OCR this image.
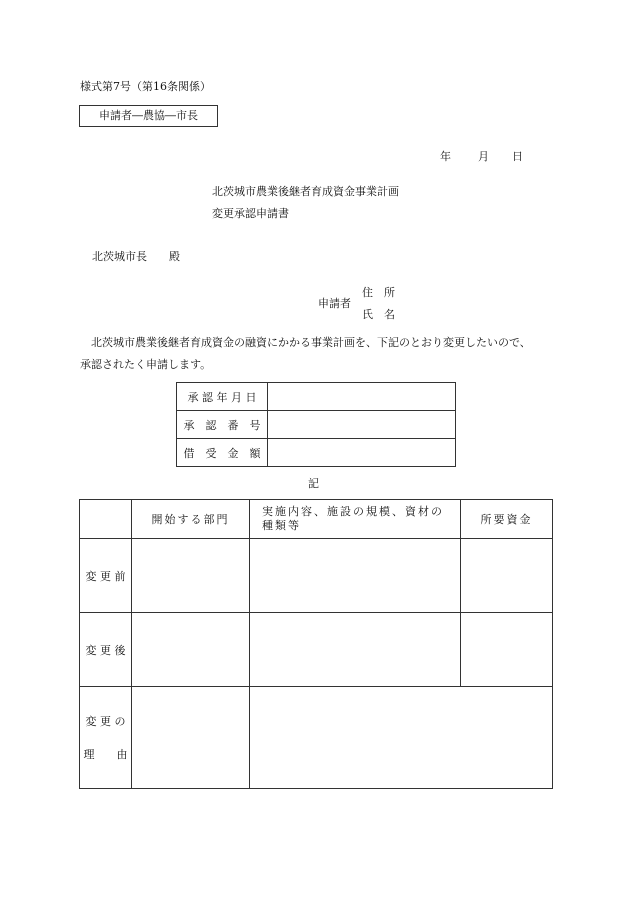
様式第7号（第16条関係）
申請者―農協―市長
年 月 日
北茨城市農業後継者育成資金事業計画
変更承認申請書
北茨城市長　　殿
申請者
住　所
氏　名
北茨城市農業後継者育成資金の融資にかかる事業計画を、下記のとおり変更したいので、
承認されたく申請します。
承 認 年 月 日	
承　認　番　号	
借　受　金　額	
記
	開始する部門	実施内容、施設の規模、資材の種類等	所要資金
変 更 前			
変 更 後			

変 更 の
理　　由			
